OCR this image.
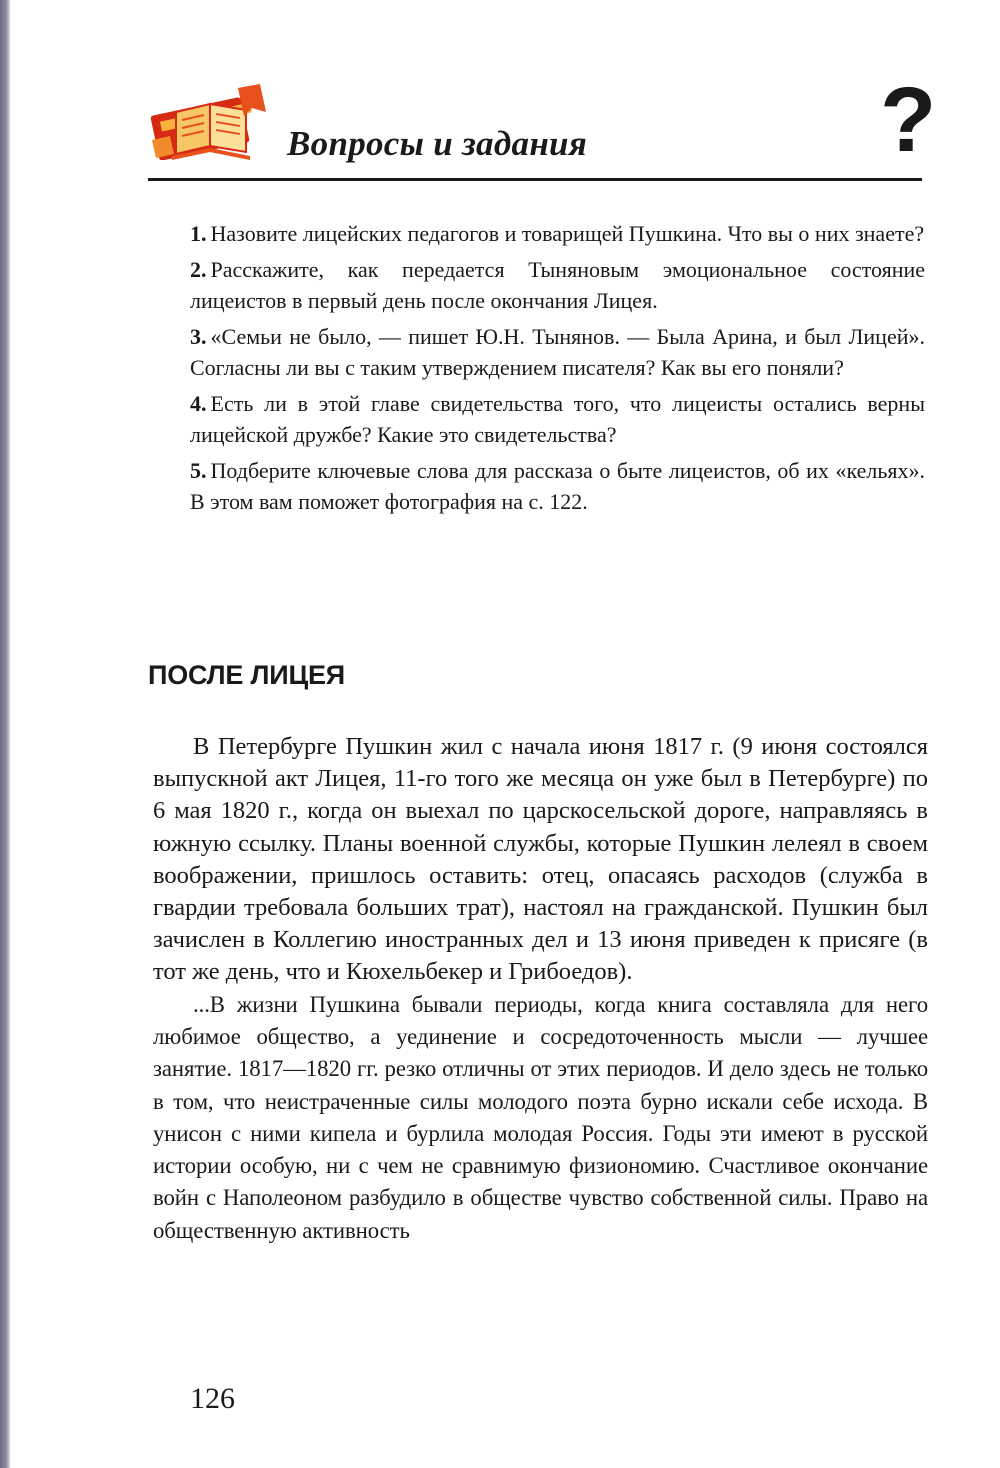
Вопросы и задания	?
1. Назовите лицейских педагогов и товарищей Пушкина. Что вы о них знаете?
2. Расскажите, как передается Тыняновым эмоциональное состояние лицеистов в первый день после окончания Лицея.
3. «Семьи не было, — пишет Ю.Н. Тынянов. — Была Арина, и был Лицей». Согласны ли вы с таким утверждением писателя? Как вы его поняли?
4. Есть ли в этой главе свидетельства того, что лицеисты остались верны лицейской дружбе? Какие это свидетельства?
5. Подберите ключевые слова для рассказа о быте лицеистов, об их «кельях». В этом вам поможет фотография на с. 122.
ПОСЛЕ ЛИЦЕЯ

В Петербурге Пушкин жил с начала июня 1817 г. (9 июня состоялся выпускной акт Лицея, 11-го того же месяца он уже был в Петербурге) по 6 мая 1820 г., когда он выехал по царскосельской дороге, направляясь в южную ссылку. Планы военной службы, которые Пушкин лелеял в своем воображении, пришлось оставить: отец, опасаясь расходов (служба в гвардии требовала больших трат), настоял на гражданской. Пушкин был зачислен в Коллегию иностранных дел и 13 июня приведен к присяге (в тот же день, что и Кюхельбекер и Грибоедов).

...В жизни Пушкина бывали периоды, когда книга составляла для него любимое общество, а уединение и сосредоточенность мысли — лучшее занятие. 1817—1820 гг. резко отличны от этих периодов. И дело здесь не только в том, что неистраченные силы молодого поэта бурно искали себе исхода. В унисон с ними кипела и бурлила молодая Россия. Годы эти имеют в русской истории особую, ни с чем не сравнимую физиономию. Счастливое окончание войн с Наполеоном разбудило в обществе чувство собственной силы. Право на общественную активность

126
